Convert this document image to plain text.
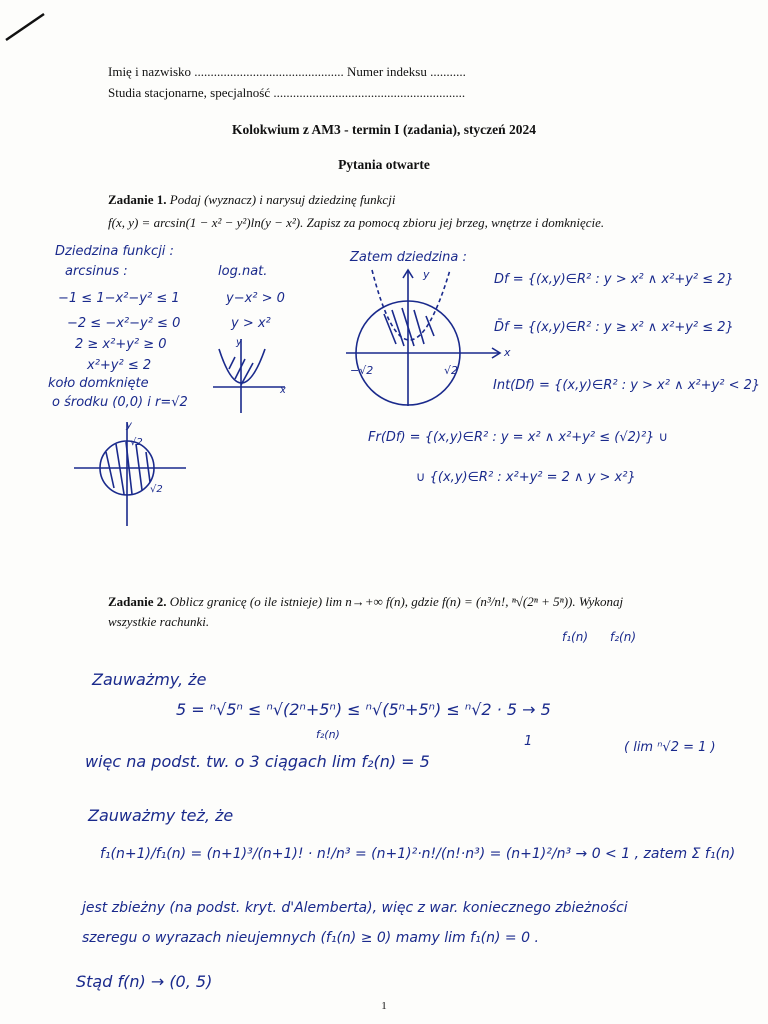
Imię i nazwisko .............................................. Numer indeksu ...........
Studia stacjonarne, specjalność ...........................................................
Kolokwium z AM3 - termin I (zadania), styczeń 2024
Pytania otwarte
Zadanie 1. Podaj (wyznacz) i narysuj dziedzinę funkcji
f(x, y) = arcsin(1 − x² − y²)ln(y − x²). Zapisz za pomocą zbioru jej brzeg, wnętrze i domknięcie.
Dziedzina funkcji :
arcsinus :
−1 ≤ 1−x²−y² ≤ 1
−2 ≤ −x²−y² ≤ 0
2 ≥ x²+y² ≥ 0
x²+y² ≤ 2
koło domknięte
o środku (0,0) i r=√2
log.nat.
y−x² > 0
y > x²
y
x
y
√2
√2
Zatem dziedzina :
y
x
−√2	√2
Df = {(x,y)∈R² : y > x² ∧ x²+y² ≤ 2}
D̄f = {(x,y)∈R² : y ≥ x² ∧ x²+y² ≤ 2}
Int(Df) = {(x,y)∈R² : y > x² ∧ x²+y² < 2}
Fr(Df) = {(x,y)∈R² : y = x² ∧ x²+y² ≤ (√2)²} ∪
∪ {(x,y)∈R² : x²+y² = 2 ∧ y > x²}
Zadanie 2. Oblicz granicę (o ile istnieje) lim n→+∞ f(n), gdzie f(n) = (n³/n!, ⁿ√(2ⁿ + 5ⁿ)). Wykonaj
wszystkie rachunki.
f₁(n) f₂(n)
Zauważmy, że
5 = ⁿ√5ⁿ ≤ ⁿ√(2ⁿ+5ⁿ) ≤ ⁿ√(5ⁿ+5ⁿ) ≤ ⁿ√2 · 5 → 5
f₂(n)	1	( lim ⁿ√2 = 1 )
więc na podst. tw. o 3 ciągach lim f₂(n) = 5
Zauważmy też, że
f₁(n+1)/f₁(n) = (n+1)³/(n+1)! · n!/n³ = (n+1)²·n!/(n!·n³) = (n+1)²/n³ → 0 < 1 , zatem Σ f₁(n)
jest zbieżny (na podst. kryt. d'Alemberta), więc z war. koniecznego zbieżności
szeregu o wyrazach nieujemnych (f₁(n) ≥ 0) mamy lim f₁(n) = 0 .
Stąd f(n) → (0, 5)
1
